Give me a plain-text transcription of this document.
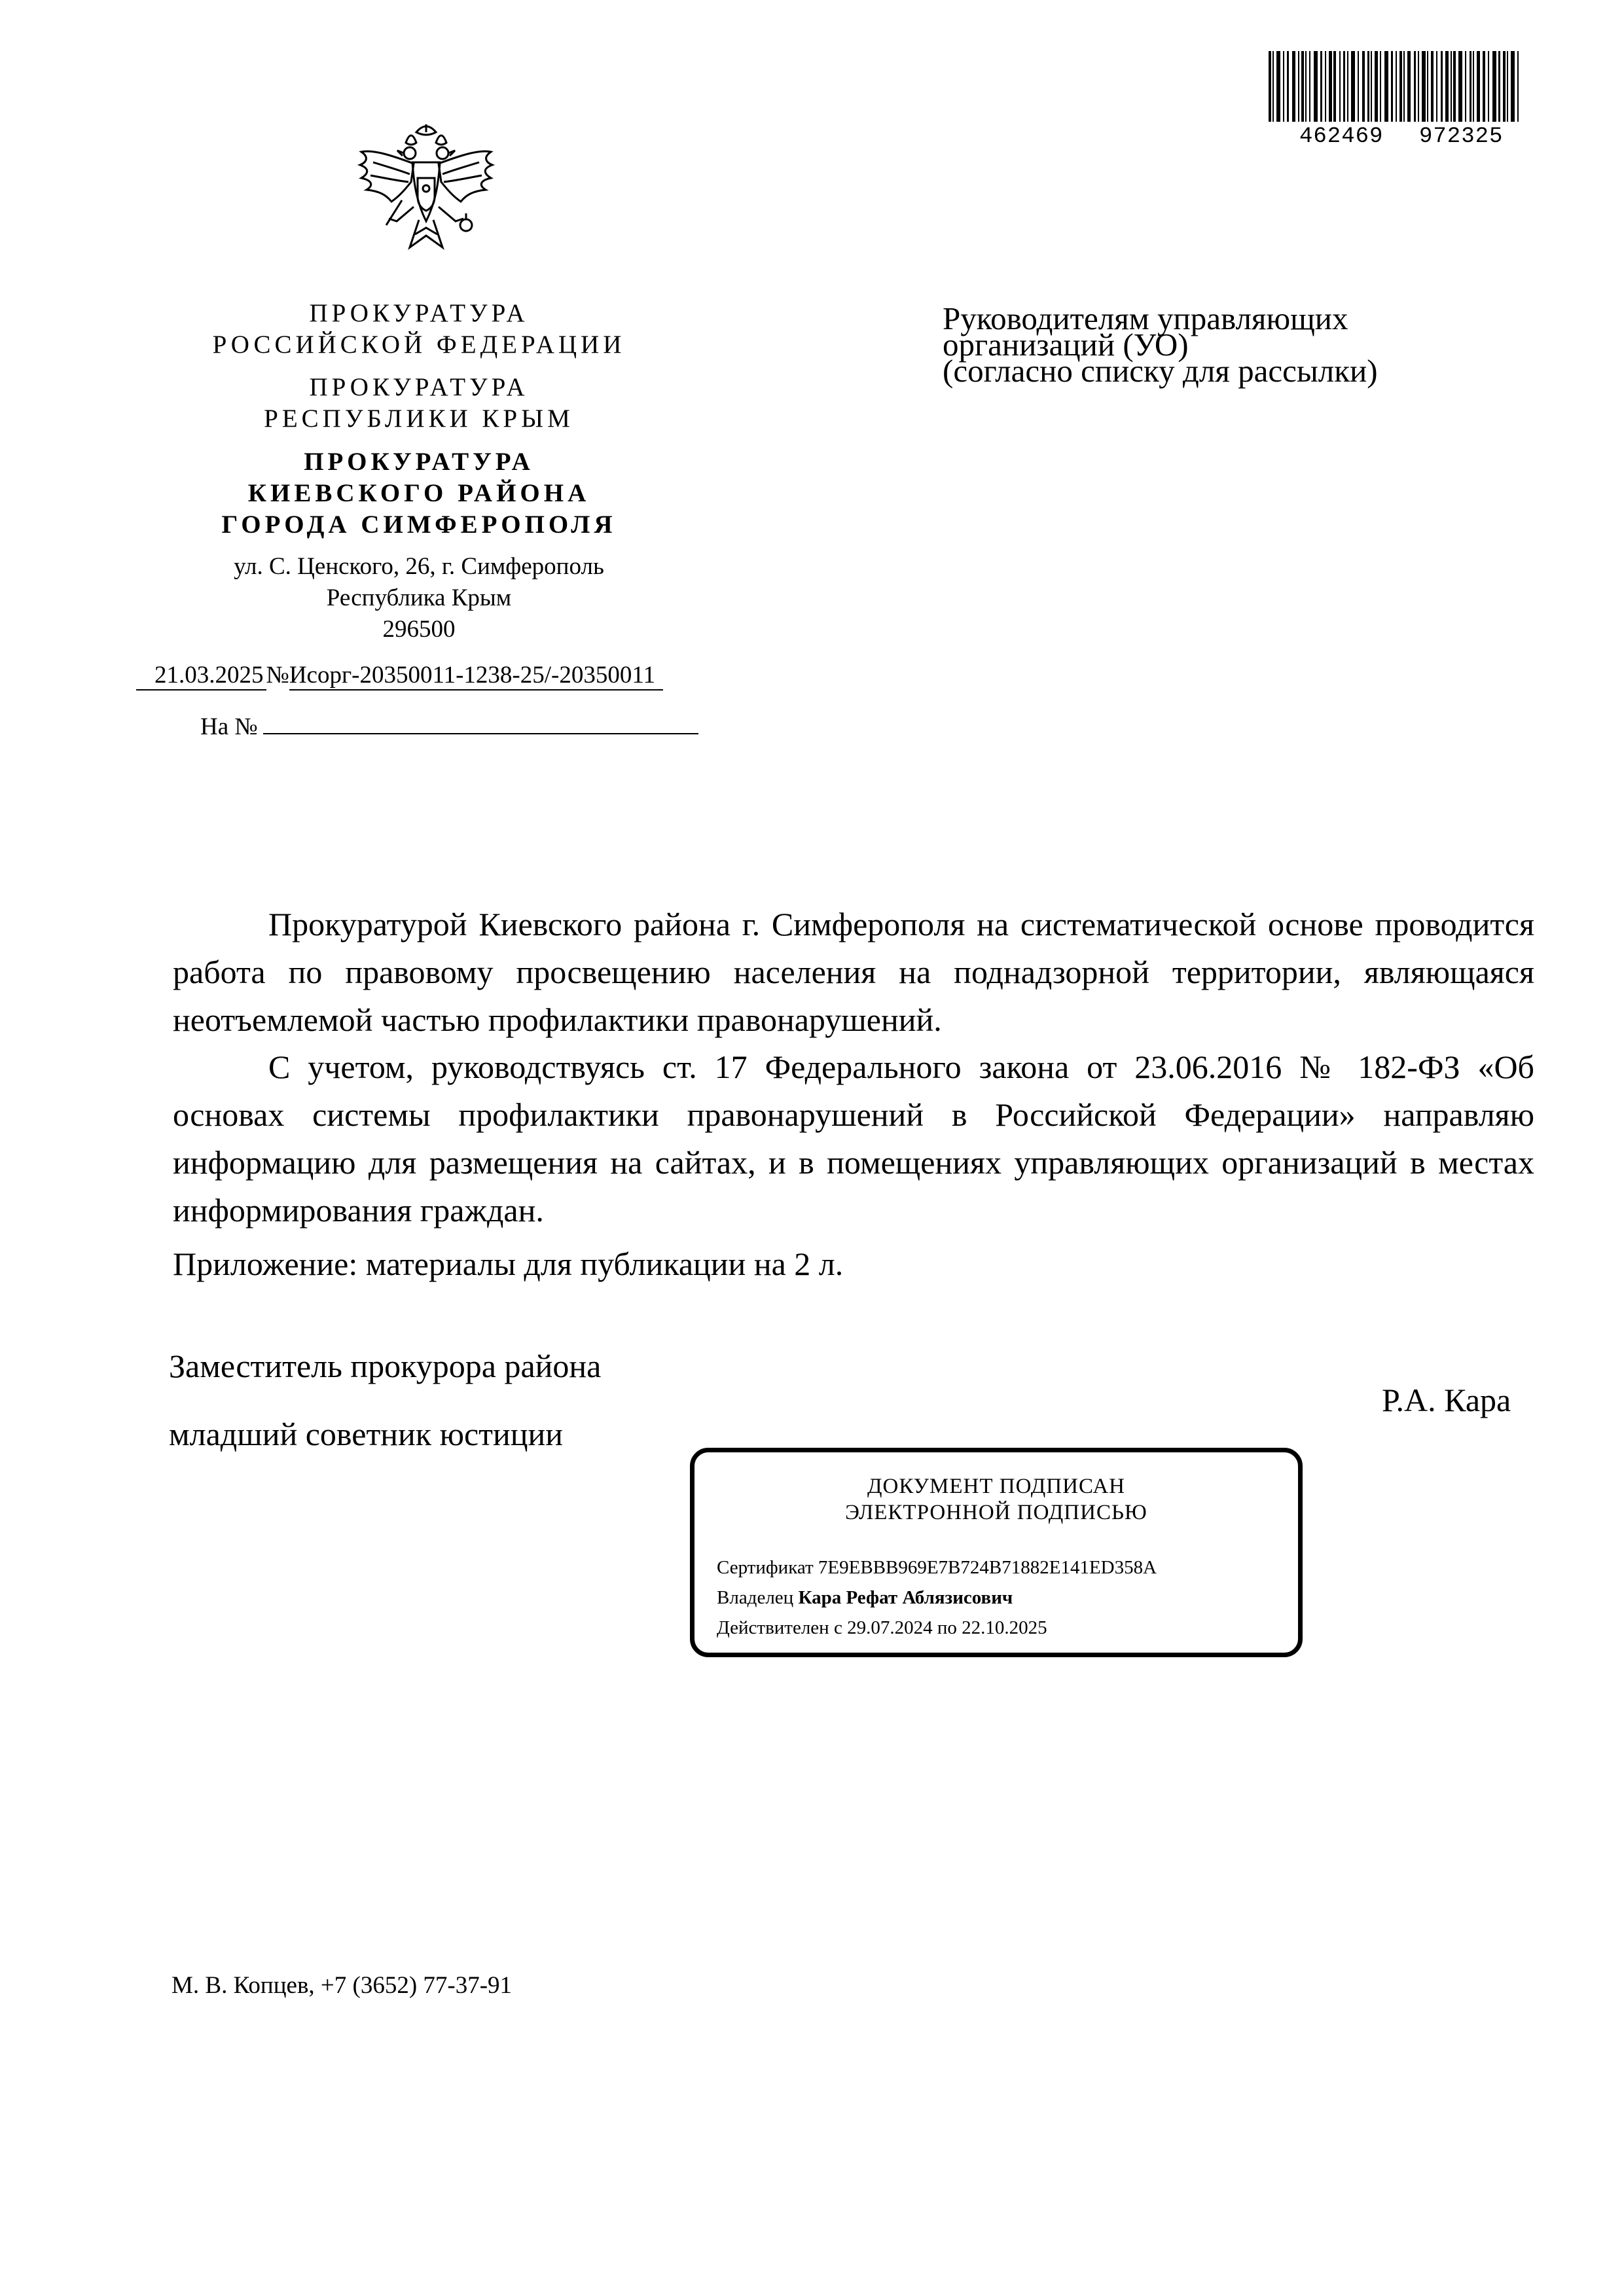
462469 972325
ПРОКУРАТУРА
РОССИЙСКОЙ ФЕДЕРАЦИИ
ПРОКУРАТУРА
РЕСПУБЛИКИ КРЫМ
ПРОКУРАТУРА
КИЕВСКОГО РАЙОНА
ГОРОДА СИМФЕРОПОЛЯ
ул. С. Ценского, 26, г. Симферополь
Республика Крым
296500
21.03.2025 №Исорг-20350011-1238-25/-20350011
На №
Руководителям управляющих
организаций (УО)
(согласно списку для рассылки)

Прокуратурой Киевского района г. Симферополя на систематической основе проводится работа по правовому просвещению населения на поднадзорной территории, являющаяся неотъемлемой частью профилактики правонарушений.

С учетом, руководствуясь ст. 17 Федерального закона от 23.06.2016 № 182-ФЗ «Об основах системы профилактики правонарушений в Российской Федерации» направляю информацию для размещения на сайтах, и в помещениях управляющих организаций в местах информирования граждан.

Приложение: материалы для публикации на 2 л.
Заместитель прокурора района
младший советник юстиции
Р.А. Кара
ДОКУМЕНТ ПОДПИСАН
ЭЛЕКТРОННОЙ ПОДПИСЬЮ
Сертификат 7E9EBBB969E7B724B71882E141ED358A
Владелец Кара Рефат Аблязисович
Действителен с 29.07.2024 по 22.10.2025
М. В. Копцев, +7 (3652) 77-37-91
